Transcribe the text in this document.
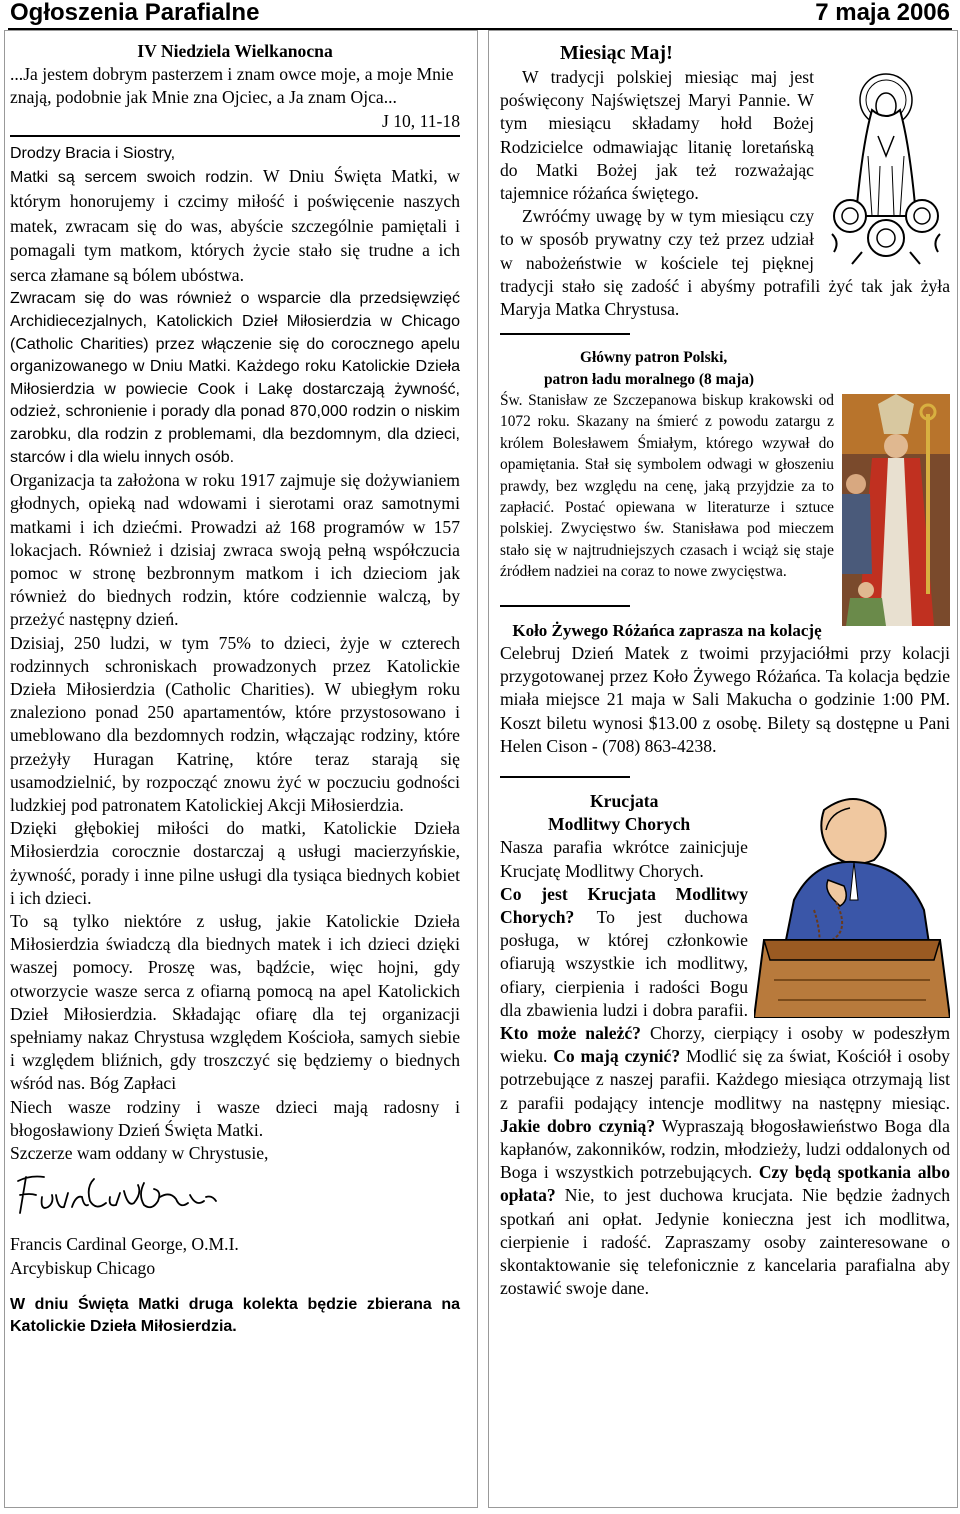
Ogłoszenia Parafialne	7 maja 2006

IV Niedziela Wielkanocna

...Ja jestem dobrym pasterzem i znam owce moje, a moje Mnie znają, podobnie jak Mnie zna Ojciec, a Ja znam Ojca...

J 10, 11-18

Drodzy Bracia i Siostry,

Matki są sercem swoich rodzin. W Dniu Święta Matki, w którym honorujemy i czcimy miłość i poświęcenie naszych matek, zwracam się do was, abyście szczególnie pamiętali i pomagali tym matkom, których życie stało się trudne a ich serca złamane są bólem ubóstwa.

Zwracam się do was również o wsparcie dla przedsięwzięć Archidiecezjalnych, Katolickich Dzieł Miłosierdzia w Chicago (Catholic Charities) przez włączenie się do corocznego apelu organizowanego w Dniu Matki. Każdego roku Katolickie Dzieła Miłosierdzia w powiecie Cook i Lakę dostarczają żywność, odzież, schronienie i porady dla ponad 870,000 rodzin o niskim zarobku, dla rodzin z problemami, dla bezdomnym, dla dzieci, starców i dla wielu innych osób.

Organizacja ta założona w roku 1917 zajmuje się dożywianiem głodnych, opieką nad wdowami i sierotami oraz samotnymi matkami i ich dziećmi. Prowadzi aż 168 programów w 157 lokacjach. Również i dzisiaj zwraca swoją pełną współczucia pomoc w stronę bezbronnym matkom i ich dzieciom jak również do biednych rodzin, które codziennie walczą, by przeżyć następny dzień.

Dzisiaj, 250 ludzi, w tym 75% to dzieci, żyje w czterech rodzinnych schroniskach prowadzonych przez Katolickie Dzieła Miłosierdzia (Catholic Charities). W ubiegłym roku znaleziono ponad 250 apartamentów, które przystosowano i umeblowano dla bezdomnych rodzin, włączając rodziny, które przeżyły Huragan Katrinę, które teraz starają się usamodzielnić, by rozpocząć znowu żyć w poczuciu godności ludzkiej pod patronatem Katolickiej Akcji Miłosierdzia.

Dzięki głębokiej miłości do matki, Katolickie Dzieła Miłosierdzia corocznie dostarczaj ą usługi macierzyńskie, żywność, porady i inne pilne usługi dla tysiąca biednych kobiet i ich dzieci.

To są tylko niektóre z usług, jakie Katolickie Dzieła Miłosierdzia świadczą dla biednych matek i ich dzieci dzięki waszej pomocy. Proszę was, bądźcie, więc hojni, gdy otworzycie wasze serca z ofiarną pomocą na apel Katolickich Dzieł Miłosierdzia. Składając ofiarę dla tej organizacji spełniamy nakaz Chrystusa względem Kościoła, samych siebie i względem bliźnich, gdy troszczyć się będziemy o biednych wśród nas. Bóg Zapłaci

Niech wasze rodziny i wasze dzieci mają radosny i błogosławiony Dzień Święta Matki.

Szczerze wam oddany w Chrystusie,

Francis Cardinal George, O.M.I.

Arcybiskup Chicago

W dniu Święta Matki druga kolekta będzie zbierana na Katolickie Dzieła Miłosierdzia.

Miesiąc Maj!

W tradycji polskiej miesiąc maj jest poświęcony Najświętszej Maryi Pannie. W tym miesiącu składamy hołd Bożej Rodzicielce odmawiając litanię loretańską do Matki Bożej jak też rozważając tajemnice różańca świętego.

Zwróćmy uwagę by w tym miesiącu czy to w sposób prywatny czy też przez udział w nabożeństwie w kościele tej pięknej tradycji stało się zadość i abyśmy potrafili żyć tak jak żyła Maryja Matka Chrystusa.

Główny patron Polski,

patron ładu moralnego (8 maja)

Św. Stanisław ze Szczepanowa biskup krakowski od 1072 roku. Skazany na śmierć z powodu zatargu z królem Bolesławem Śmiałym, którego wzywał do opamiętania. Stał się symbolem odwagi w głoszeniu prawdy, bez względu na cenę, jaką przyjdzie za to zapłacić. Postać opiewana w literaturze i sztuce polskiej. Zwycięstwo św. Stanisława pod mieczem stało się w najtrudniejszych czasach i wciąż się staje źródłem nadziei na coraz to nowe zwycięstwa.

Koło Żywego Różańca zaprasza na kolację

Celebruj Dzień Matek z twoimi przyjaciółmi przy kolacji przygotowanej przez Koło Żywego Różańca. Ta kolacja będzie miała miejsce 21 maja w Sali Makucha o godzinie 1:00 PM. Koszt biletu wynosi $13.00 z osobę. Bilety są dostępne u Pani Helen Cison - (708) 863-4238.

Krucjata

Modlitwy Chorych

Nasza parafia wkrótce zainicjuje Krucjatę Modlitwy Chorych.

Co jest Krucjata Modlitwy Chorych? To jest duchowa posługa, w której członkowie ofiarują wszystkie ich modlitwy, ofiary, cierpienia i radości Bogu dla zbawienia ludzi i dobra parafii. Kto może należć? Chorzy, cierpiący i osoby w podeszłym wieku. Co mają czynić? Modlić się za świat, Kościół i osoby potrzebujące z naszej parafii. Każdego miesiąca otrzymają list z parafii podający intencje modlitwy na następny miesiąc. Jakie dobro czynią? Wypraszają błogosławieństwo Boga dla kapłanów, zakonników, rodzin, młodzieży, ludzi oddalonych od Boga i wszystkich potrzebujących. Czy będą spotkania albo opłata? Nie, to jest duchowa krucjata. Nie będzie żadnych spotkań ani opłat. Jedynie konieczna jest ich modlitwa, cierpienie i radość. Zapraszamy osoby zainteresowane o skontaktowanie się telefonicznie z kancelaria parafialna aby zostawić swoje dane.
